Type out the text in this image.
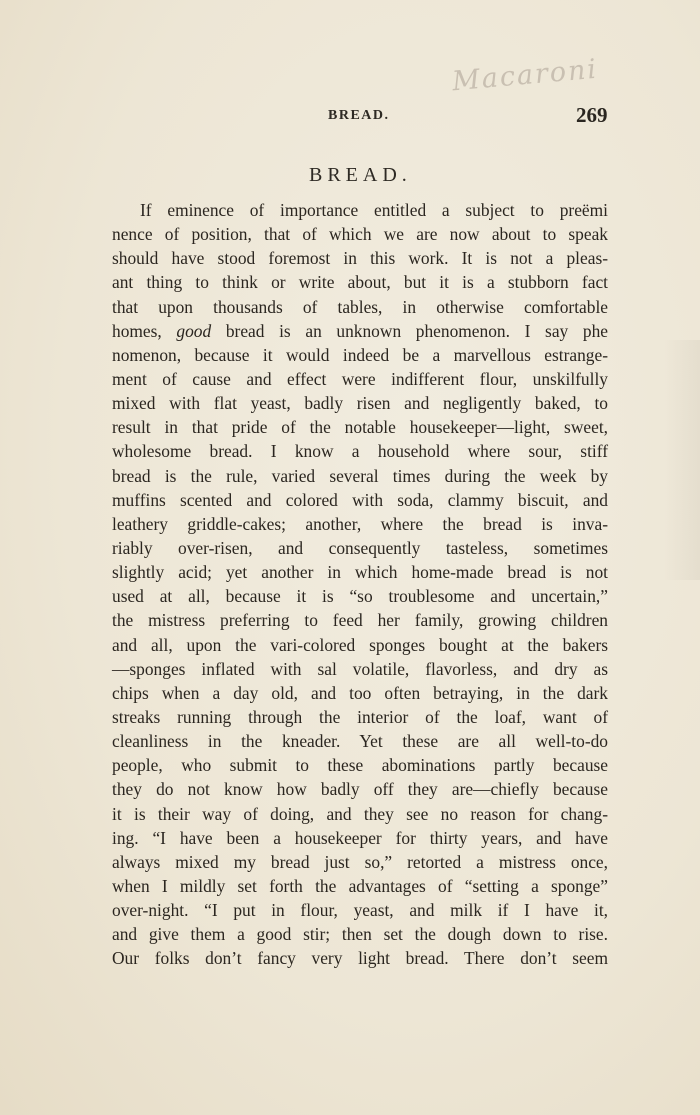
Macaroni
BREAD.	269
BREAD.
If eminence of importance entitled a subject to preëmi
nence of position, that of which we are now about to speak
should have stood foremost in this work. It is not a pleas-
ant thing to think or write about, but it is a stubborn fact
that upon thousands of tables, in otherwise comfortable
homes, good bread is an unknown phenomenon. I say phe
nomenon, because it would indeed be a marvellous estrange-
ment of cause and effect were indifferent flour, unskilfully
mixed with flat yeast, badly risen and negligently baked, to
result in that pride of the notable housekeeper—light, sweet,
wholesome bread. I know a household where sour, stiff
bread is the rule, varied several times during the week by
muffins scented and colored with soda, clammy biscuit, and
leathery griddle-cakes; another, where the bread is inva-
riably over-risen, and consequently tasteless, sometimes
slightly acid; yet another in which home-made bread is not
used at all, because it is “so troublesome and uncertain,”
the mistress preferring to feed her family, growing children
and all, upon the vari-colored sponges bought at the bakers
—sponges inflated with sal volatile, flavorless, and dry as
chips when a day old, and too often betraying, in the dark
streaks running through the interior of the loaf, want of
cleanliness in the kneader. Yet these are all well-to-do
people, who submit to these abominations partly because
they do not know how badly off they are—chiefly because
it is their way of doing, and they see no reason for chang-
ing. “I have been a housekeeper for thirty years, and have
always mixed my bread just so,” retorted a mistress once,
when I mildly set forth the advantages of “setting a sponge”
over-night. “I put in flour, yeast, and milk if I have it,
and give them a good stir; then set the dough down to rise.
Our folks don’t fancy very light bread. There don’t seem
